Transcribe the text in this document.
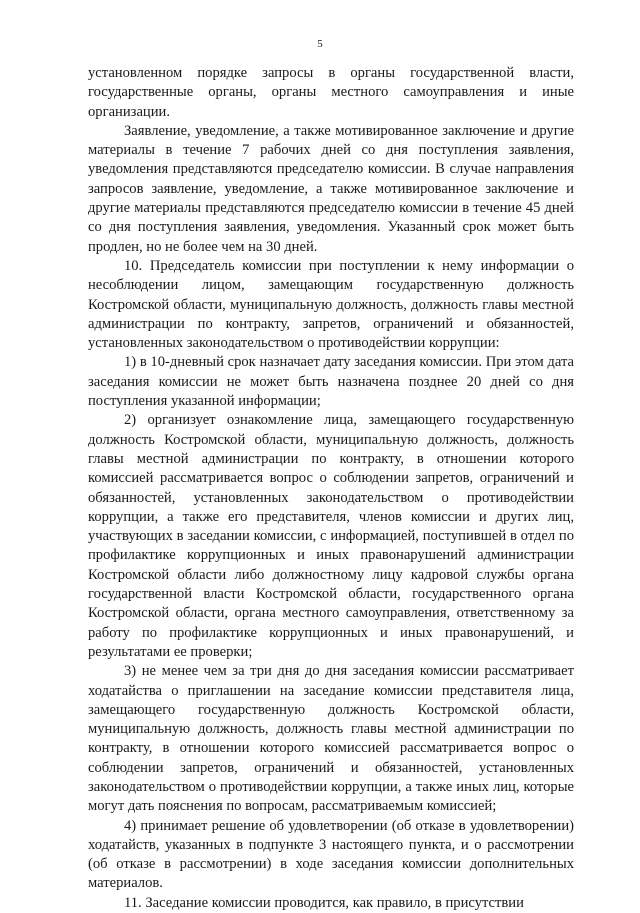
5

установленном порядке запросы в органы государственной власти, государственные органы, органы местного самоуправления и иные организации.

Заявление, уведомление, а также мотивированное заключение и другие материалы в течение 7 рабочих дней со дня поступления заявления, уведомления представляются председателю комиссии. В случае направления запросов заявление, уведомление, а также мотивированное заключение и другие материалы представляются председателю комиссии в течение 45 дней со дня поступления заявления, уведомления. Указанный срок может быть продлен, но не более чем на 30 дней.

10. Председатель комиссии при поступлении к нему информации о несоблюдении лицом, замещающим государственную должность Костромской области, муниципальную должность, должность главы местной администрации по контракту, запретов, ограничений и обязанностей, установленных законодательством о противодействии коррупции:

1) в 10-дневный срок назначает дату заседания комиссии. При этом дата заседания комиссии не может быть назначена позднее 20 дней со дня поступления указанной информации;

2) организует ознакомление лица, замещающего государственную должность Костромской области, муниципальную должность, должность главы местной администрации по контракту, в отношении которого комиссией рассматривается вопрос о соблюдении запретов, ограничений и обязанностей, установленных законодательством о противодействии коррупции, а также его представителя, членов комиссии и других лиц, участвующих в заседании комиссии, с информацией, поступившей в отдел по профилактике коррупционных и иных правонарушений администрации Костромской области либо должностному лицу кадровой службы органа государственной власти Костромской области, государственного органа Костромской области, органа местного самоуправления, ответственному за работу по профилактике коррупционных и иных правонарушений, и результатами ее проверки;

3) не менее чем за три дня до дня заседания комиссии рассматривает ходатайства о приглашении на заседание комиссии представителя лица, замещающего государственную должность Костромской области, муниципальную должность, должность главы местной администрации по контракту, в отношении которого комиссией рассматривается вопрос о соблюдении запретов, ограничений и обязанностей, установленных законодательством о противодействии коррупции, а также иных лиц, которые могут дать пояснения по вопросам, рассматриваемым комиссией;

4) принимает решение об удовлетворении (об отказе в удовлетворении) ходатайств, указанных в подпункте 3 настоящего пункта, и о рассмотрении (об отказе в рассмотрении) в ходе заседания комиссии дополнительных материалов.

11. Заседание комиссии проводится, как правило, в присутствии
